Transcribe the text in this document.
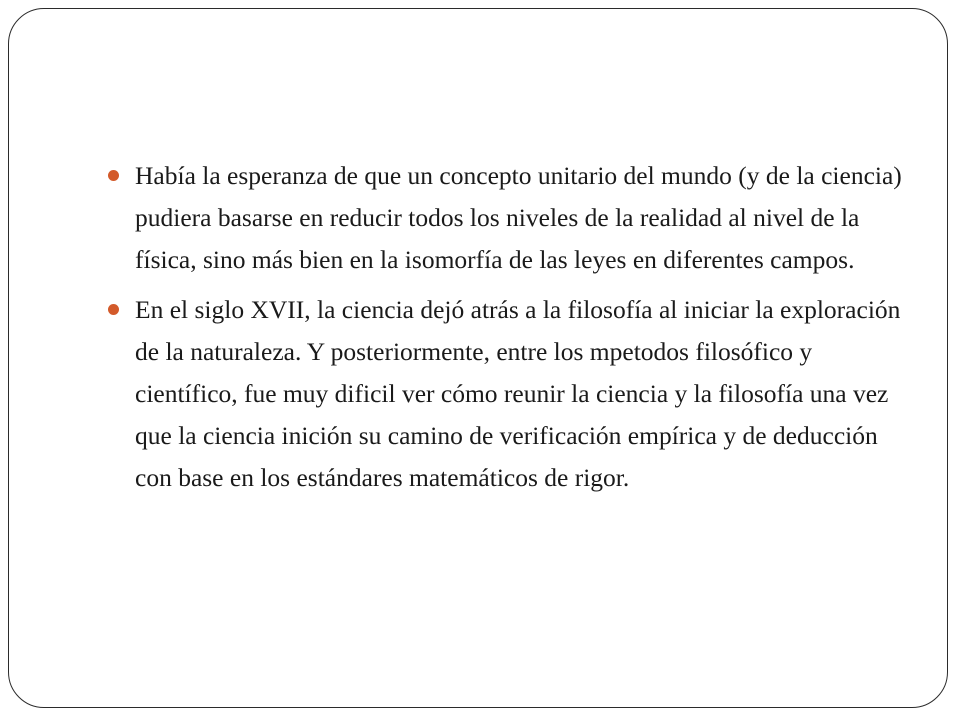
Había la esperanza de que un concepto unitario del mundo (y de la ciencia) pudiera basarse en reducir todos los niveles de la realidad al nivel de la física, sino más bien en la isomorfía de las leyes en diferentes campos.
En el siglo XVII, la ciencia dejó atrás a la filosofía al iniciar la exploración de la naturaleza. Y posteriormente, entre los mpetodos filosófico y científico, fue muy dificil ver cómo reunir la ciencia y la filosofía una vez que la ciencia inición su camino de verificación empírica y de deducción con base en los estándares matemáticos de rigor.
